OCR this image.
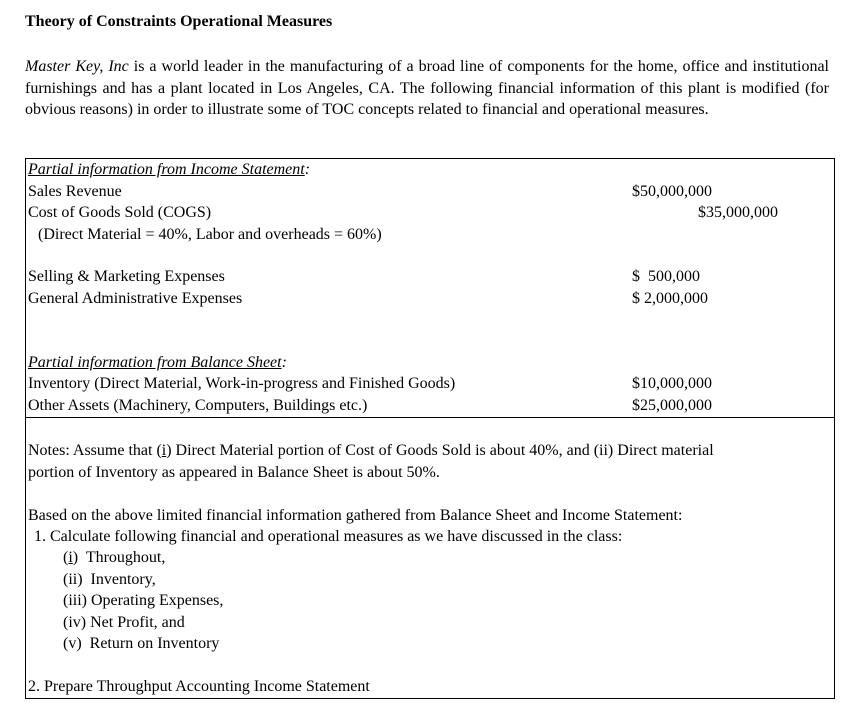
Theory of Constraints Operational Measures
Master Key, Inc is a world leader in the manufacturing of a broad line of components for the home, office and institutional furnishings and has a plant located in Los Angeles, CA. The following financial information of this plant is modified (for obvious reasons) in order to illustrate some of TOC concepts related to financial and operational measures.
Partial information from Income Statement:
Sales Revenue	$50,000,000
Cost of Goods Sold (COGS)	$35,000,000
(Direct Material = 40%, Labor and overheads = 60%)
Selling & Marketing Expenses	$  500,000
General Administrative Expenses	$ 2,000,000
Partial information from Balance Sheet:
Inventory (Direct Material, Work-in-progress and Finished Goods)	$10,000,000
Other Assets (Machinery, Computers, Buildings etc.)	$25,000,000
Notes: Assume that (i) Direct Material portion of Cost of Goods Sold is about 40%, and (ii) Direct material
portion of Inventory as appeared in Balance Sheet is about 50%.
Based on the above limited financial information gathered from Balance Sheet and Income Statement:
1. Calculate following financial and operational measures as we have discussed in the class:
(i)  Throughout,
(ii)  Inventory,
(iii) Operating Expenses,
(iv) Net Profit, and
(v)  Return on Inventory
2. Prepare Throughput Accounting Income Statement
